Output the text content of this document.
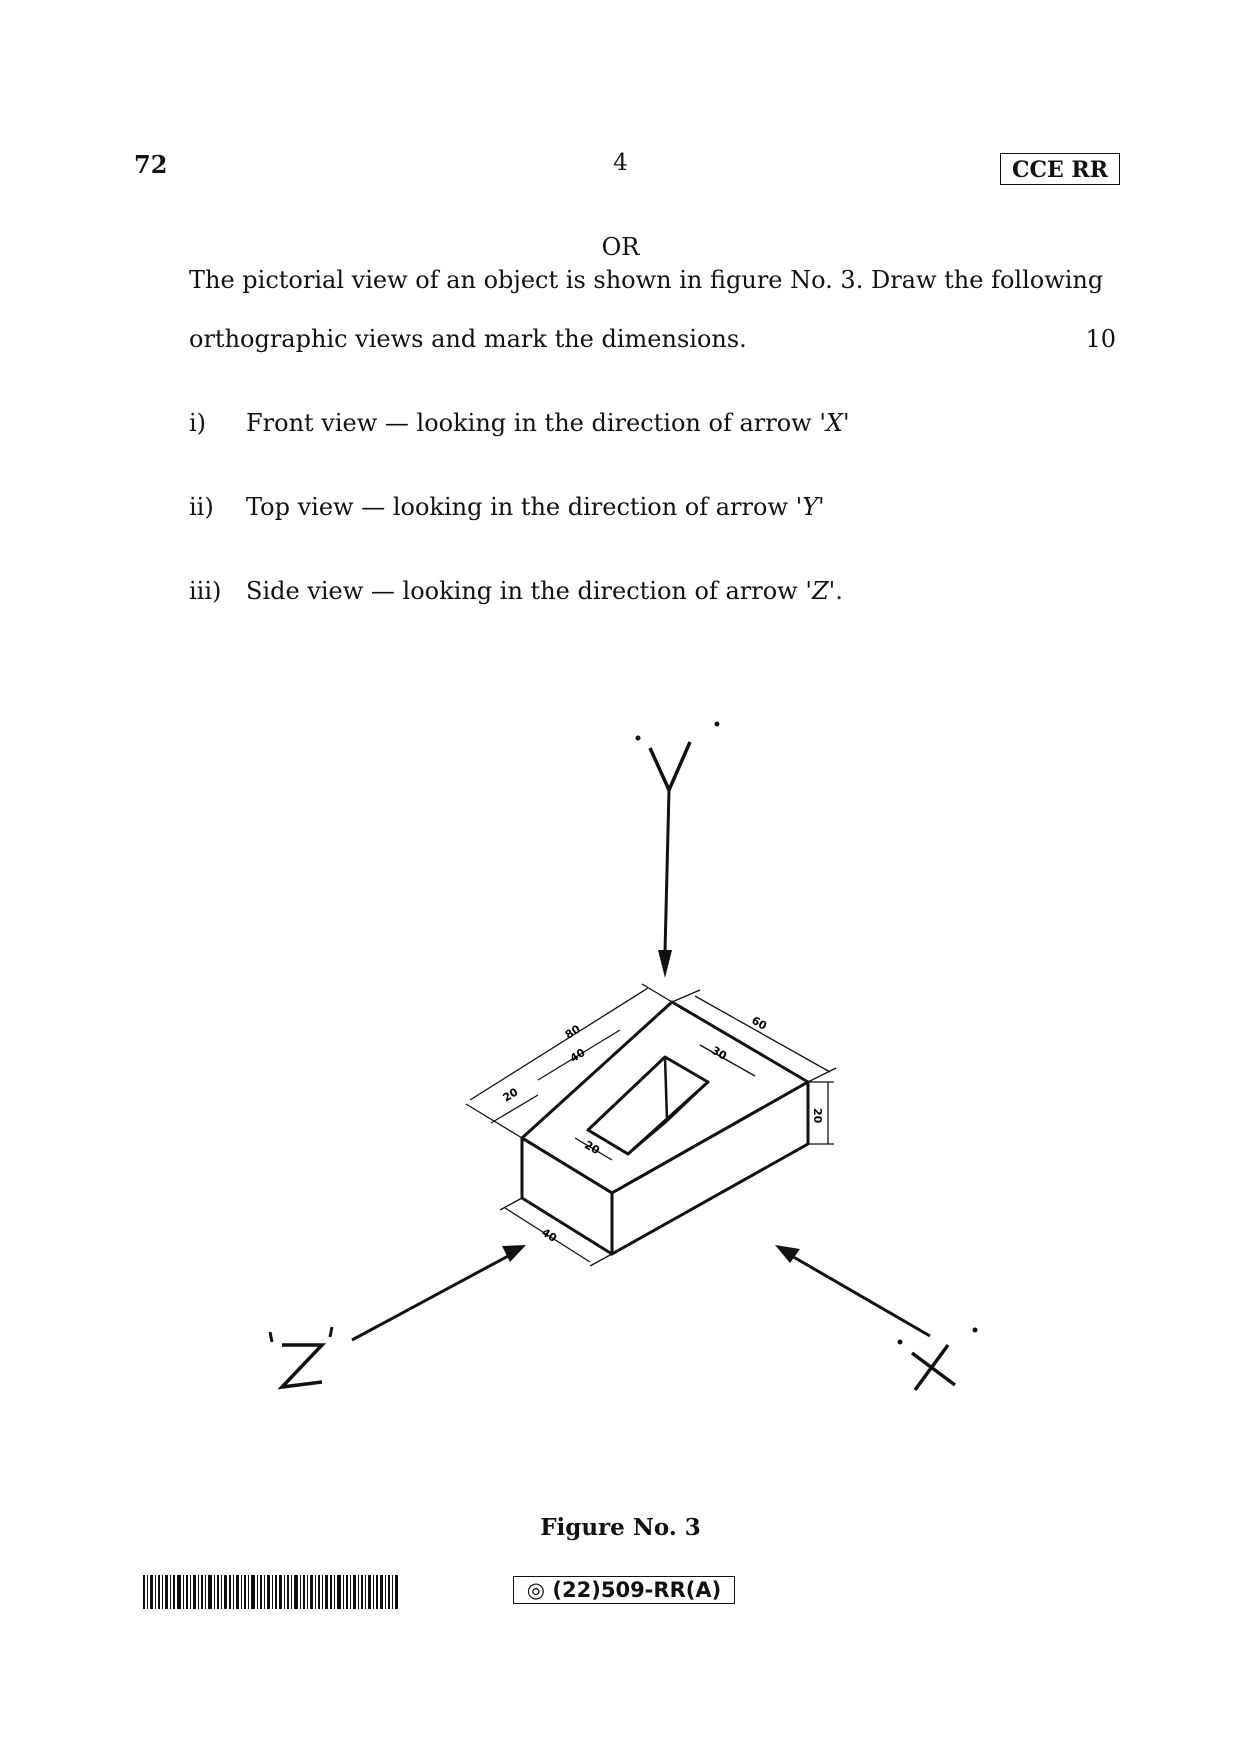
72	4	CCE RR
OR
The pictorial view of an object is shown in figure No. 3. Draw the following
orthographic views and mark the dimensions.	10
i) Front view — looking in the direction of arrow 'X'
ii) Top view — looking in the direction of arrow 'Y'
iii) Side view — looking in the direction of arrow 'Z'.
80
40
20
60
30
20
20
40
Figure No. 3
◎ (22)509-RR(A)
